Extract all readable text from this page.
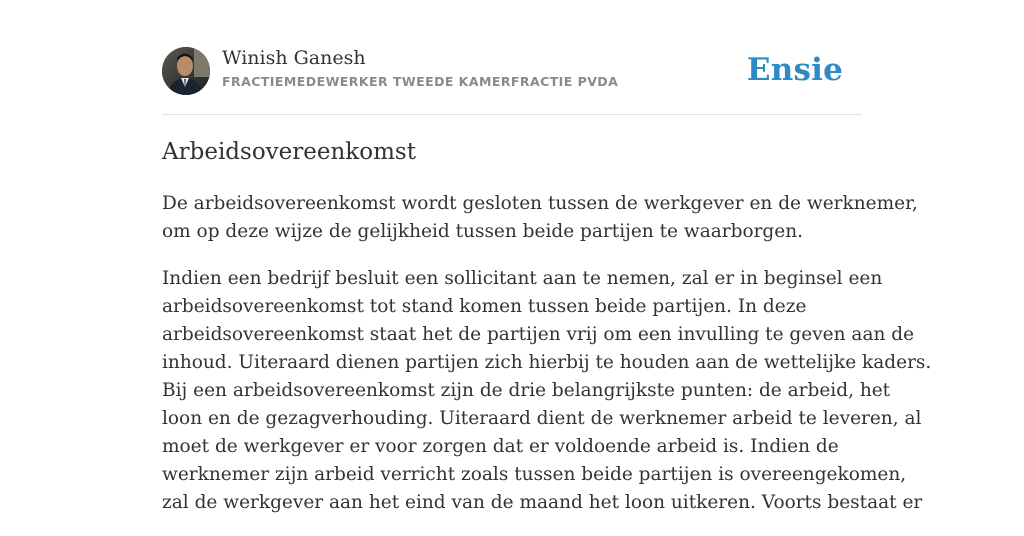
Winish Ganesh
FRACTIEMEDEWERKER TWEEDE KAMERFRACTIE PVDA	Ensie
Arbeidsovereenkomst

De arbeidsovereenkomst wordt gesloten tussen de werkgever en de werknemer,
om op deze wijze de gelijkheid tussen beide partijen te waarborgen.

Indien een bedrijf besluit een sollicitant aan te nemen, zal er in beginsel een
arbeidsovereenkomst tot stand komen tussen beide partijen. In deze
arbeidsovereenkomst staat het de partijen vrij om een invulling te geven aan de
inhoud. Uiteraard dienen partijen zich hierbij te houden aan de wettelijke kaders.
Bij een arbeidsovereenkomst zijn de drie belangrijkste punten: de arbeid, het
loon en de gezagverhouding. Uiteraard dient de werknemer arbeid te leveren, al
moet de werkgever er voor zorgen dat er voldoende arbeid is. Indien de
werknemer zijn arbeid verricht zoals tussen beide partijen is overeengekomen,
zal de werkgever aan het eind van de maand het loon uitkeren. Voorts bestaat er
